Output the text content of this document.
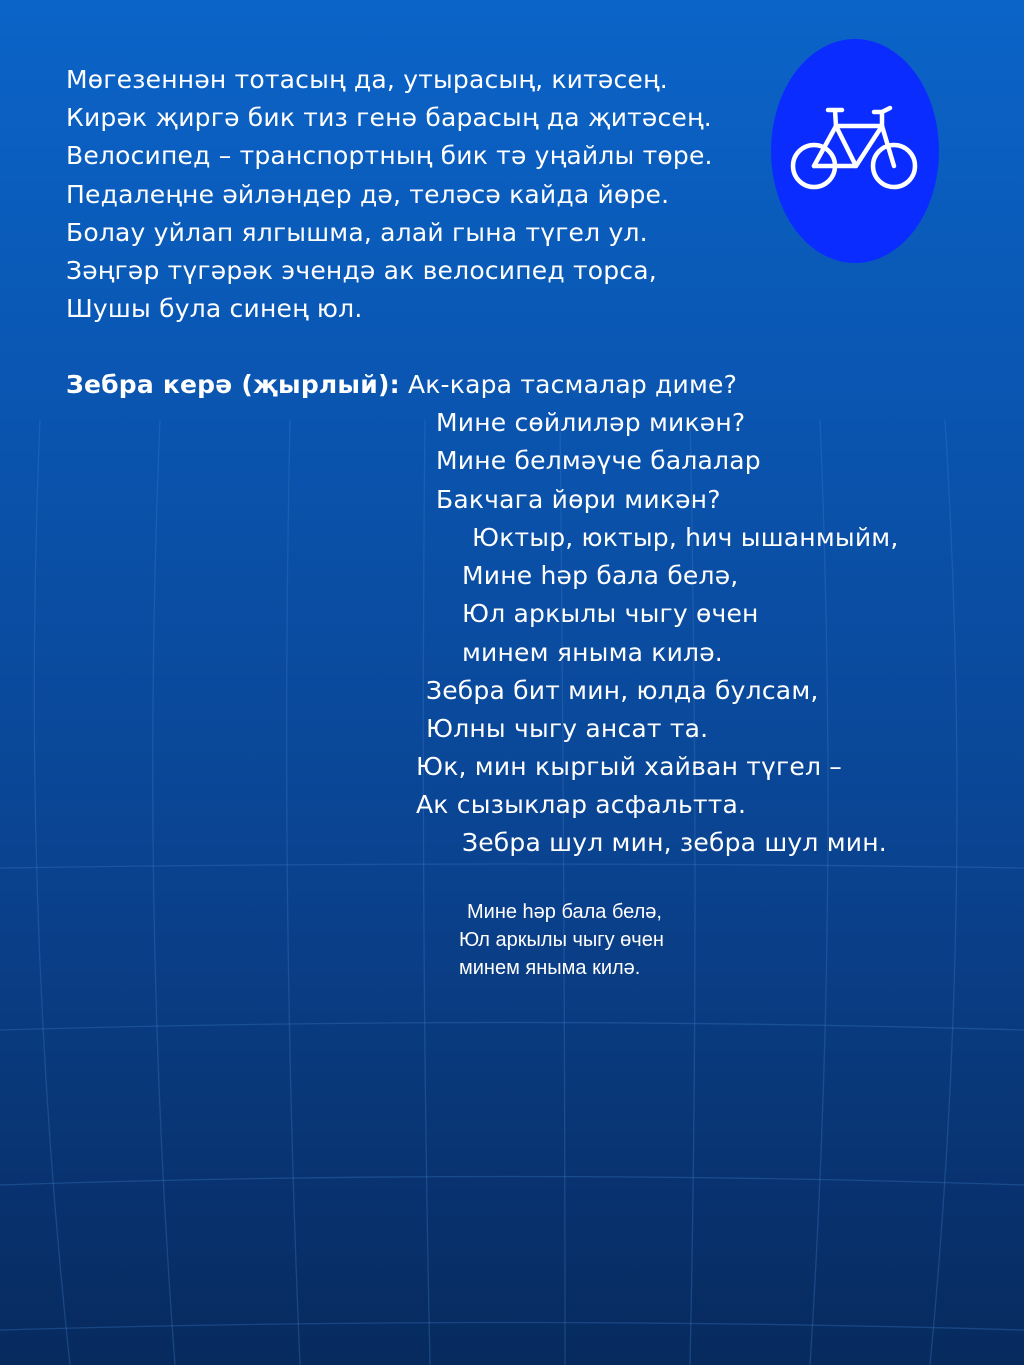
Мөгезеннән тотасың да, утырасың, китәсең.
Кирәк җиргә бик тиз генә барасың да җитәсең.
Велосипед – транспортның бик тә уңайлы төре.
Педалеңне әйләндер дә, теләсә кайда йөре.
Болау уйлап ялгышма, алай гына түгел ул.
Зәңгәр түгәрәк эчендә ак велосипед торса,
Шушы була синең юл.
Зебра керә (җырлый): Ак-кара тасмалар диме?
Мине сөйлиләр микән?
Мине белмәүче балалар
Бакчага йөри микән?
Юктыр, юктыр, һич ышанмыйм,
Мине һәр бала белә,
Юл аркылы чыгу өчен
минем яныма килә.
Зебра бит мин, юлда булсам,
Юлны чыгу ансат та.
Юк, мин кыргый хайван түгел –
Ак сызыклар асфальтта.
Зебра шул мин, зебра шул мин.
Мине һәр бала белә,
Юл аркылы чыгу өчен
минем яныма килә.
